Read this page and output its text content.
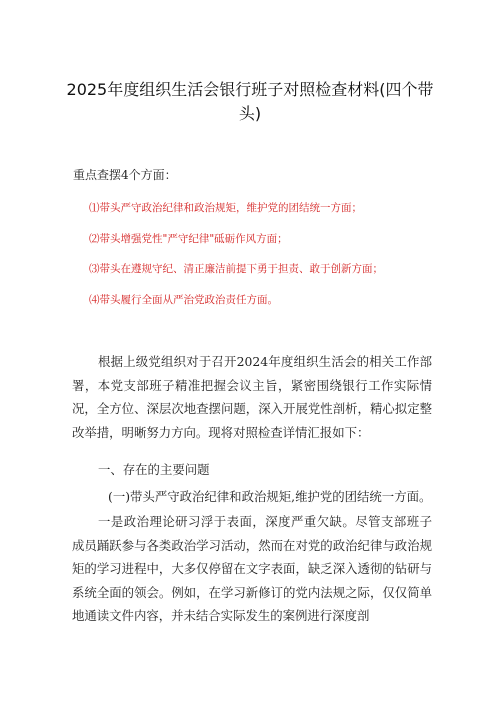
2025年度组织生活会银行班子对照检查材料(四个带头)
重点查摆4个方面：
⑴带头严守政治纪律和政治规矩，维护党的团结统一方面；
⑵带头增强党性"严守纪律"砥砺作风方面；
⑶带头在遵规守纪、清正廉洁前提下勇于担责、敢于创新方面；
⑷带头履行全面从严治党政治责任方面。

根据上级党组织对于召开2024年度组织生活会的相关工作部署，本党支部班子精准把握会议主旨，紧密围绕银行工作实际情况，全方位、深层次地查摆问题，深入开展党性剖析，精心拟定整改举措，明晰努力方向。现将对照检查详情汇报如下：

一、存在的主要问题
(一)带头严守政治纪律和政治规矩,维护党的团结统一方面。

一是政治理论研习浮于表面，深度严重欠缺。尽管支部班子成员踊跃参与各类政治学习活动，然而在对党的政治纪律与政治规矩的学习进程中，大多仅停留在文字表面，缺乏深入透彻的钻研与系统全面的领会。例如，在学习新修订的党内法规之际，仅仅简单地通读文件内容，并未结合实际发生的案例进行深度剖
